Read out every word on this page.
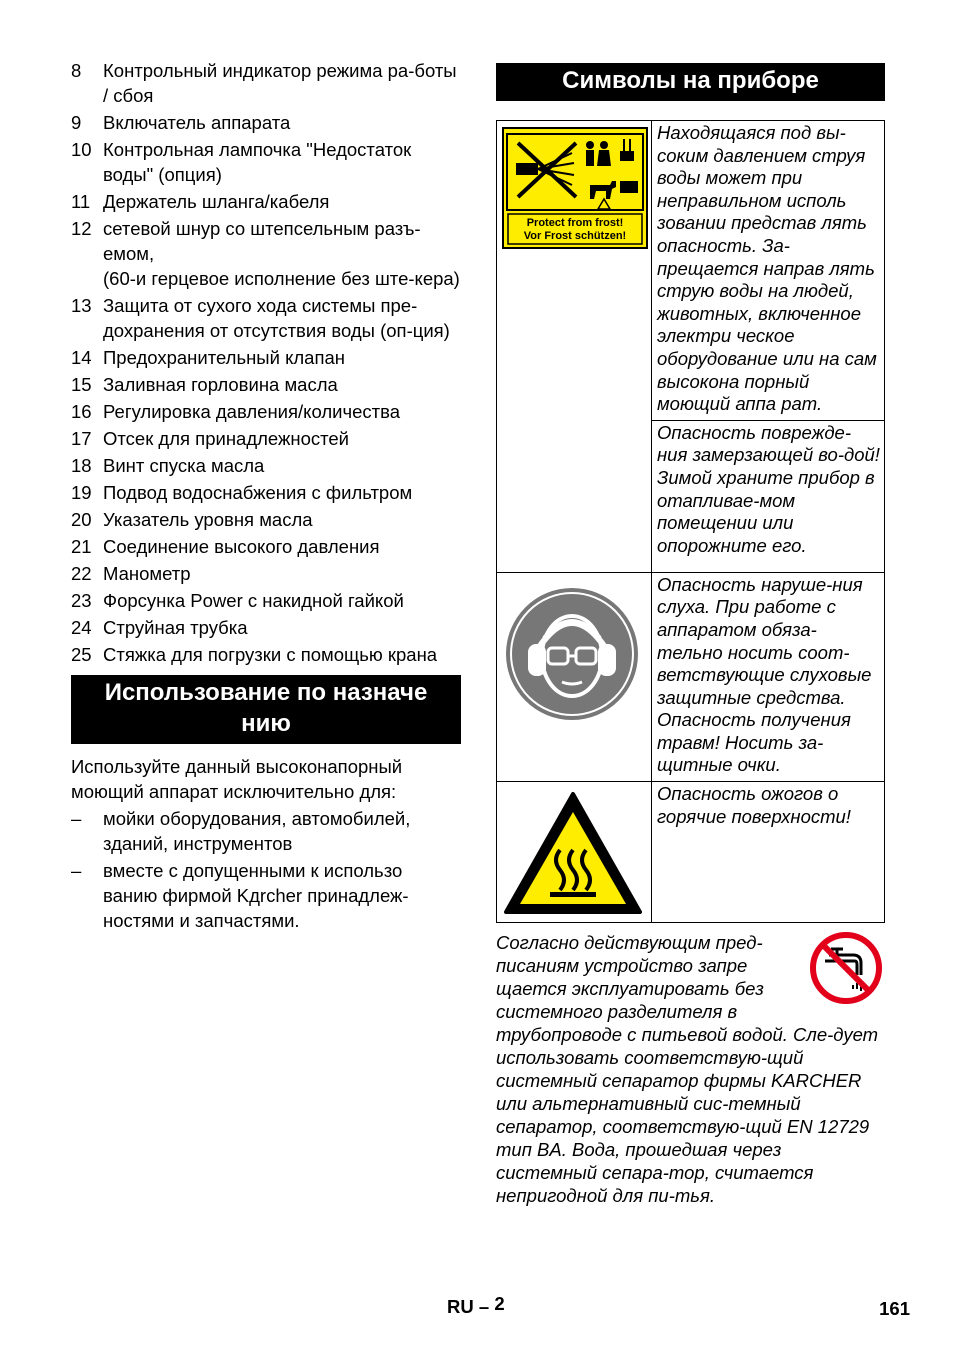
8	Контрольный индикатор режима ра-боты / сбоя
9	Включатель аппарата
10 Контрольная лампочка "Недостаток воды" (опция)
11 Держатель шланга/кабеля
12 сетевой шнур со штепсельным разъ-емом,
(60-и герцевое исполнение без ште-кера)
13 Защита от сухого хода системы пре-дохранения от отсутствия воды (оп-ция)
14 Предохранительный клапан
15 Заливная горловина масла
16 Регулировка давления/количества
17 Отсек для принадлежностей
18 Винт спуска масла
19 Подвод водоснабжения с фильтром
20 Указатель уровня масла
21 Соединение высокого давления
22 Манометр
23 Форсунка Power с накидной гайкой
24 Струйная трубка
25 Стяжка для погрузки с помощью крана
Использование по назначе нию
Используйте данный высоконапорный моющий аппарат исключительно для:
–	мойки оборудования, автомобилей, зданий, инструментов
–	вместе с допущенными к использо ванию фирмой Kдrcher принадлеж-ностями и запчастями.
Символы на приборе
Protect from frost!
Vor Frost schützen!	Находящаяся под вы-соким давлением струя воды может при неправильном исполь зовании представ лять опасность. За-прещается направ лять струю воды на людей, животных, включенное электри ческое оборудование или на сам высокона порный моющий аппа рат.
	Опасность поврежде-ния замерзающей во-дой! Зимой храните прибор в отапливае-мом помещении или опорожните его.

	Опасность наруше-ния слуха. При работе с аппаратом обяза-тельно носить соот-ветствующие слуховые защитные средства. Опасность получения травм! Носить за-щитные очки.

	Опасность ожогов о горячие поверхности!
Согласно действующим пред-писаниям устройство запре щается эксплуатировать без системного разделителя в трубопроводе с питьевой водой. Сле-дует использовать соответствую-щий системный сепаратор фирмы KARCHER или альтернативный сис-темный сепаратор, соответствую-щий EN 12729 тип BA. Вода, прошедшая через системный сепара-тор, считается непригодной для пи-тья.
RU – 2	161
